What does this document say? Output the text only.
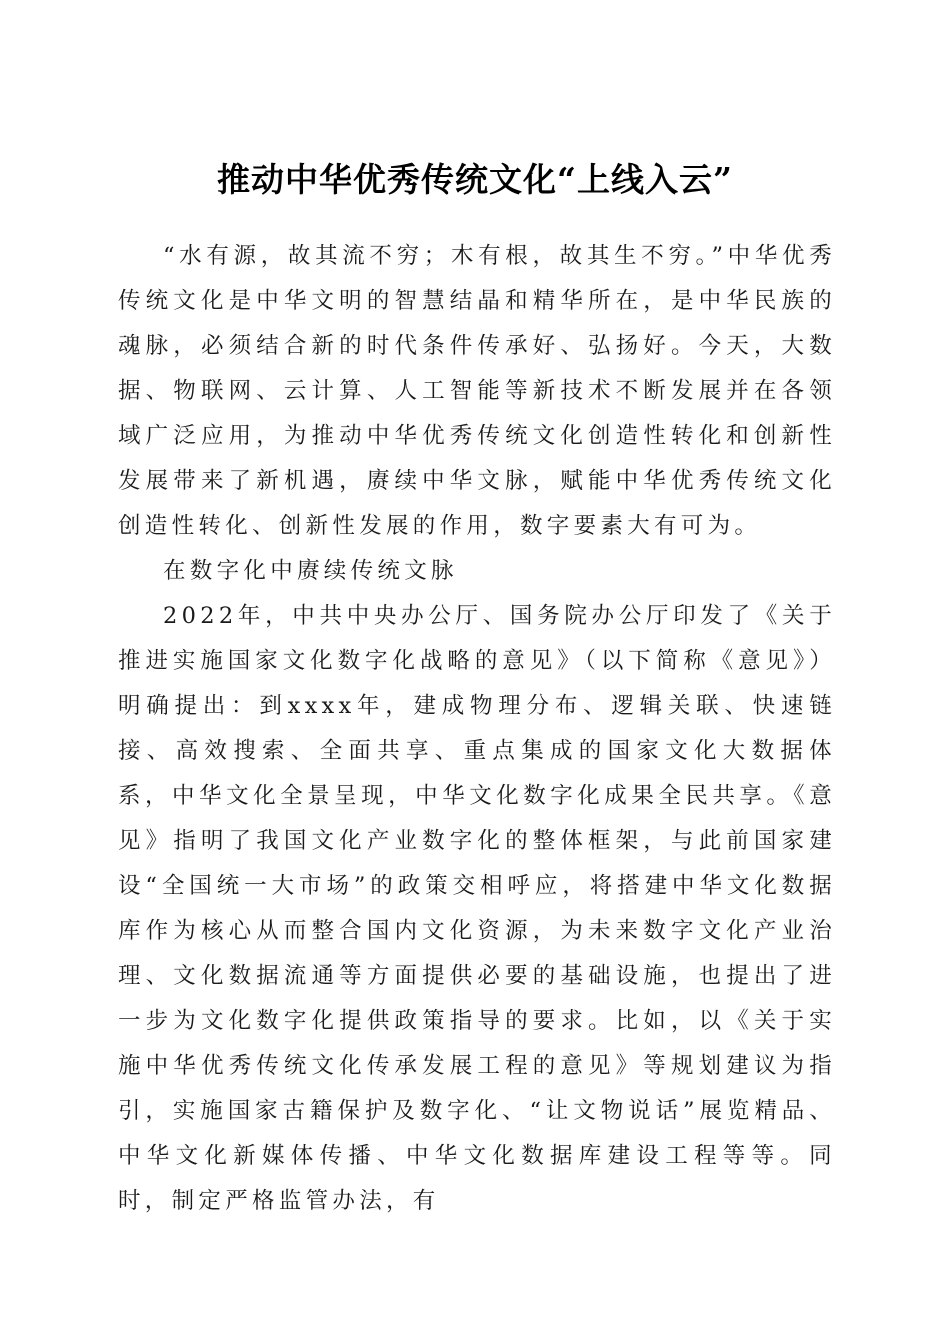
推动中华优秀传统文化“上线入云”

“水有源，故其流不穷；木有根，故其生不穷。”中华优秀传统文化是中华文明的智慧结晶和精华所在，是中华民族的魂脉，必须结合新的时代条件传承好、弘扬好。今天，大数据、物联网、云计算、人工智能等新技术不断发展并在各领域广泛应用，为推动中华优秀传统文化创造性转化和创新性发展带来了新机遇，赓续中华文脉，赋能中华优秀传统文化创造性转化、创新性发展的作用，数字要素大有可为。

在数字化中赓续传统文脉

2022年，中共中央办公厅、国务院办公厅印发了《关于推进实施国家文化数字化战略的意见》（以下简称《意见》）明确提出：到xxxx年，建成物理分布、逻辑关联、快速链接、高效搜索、全面共享、重点集成的国家文化大数据体系，中华文化全景呈现，中华文化数字化成果全民共享。《意见》指明了我国文化产业数字化的整体框架，与此前国家建设“全国统一大市场”的政策交相呼应，将搭建中华文化数据库作为核心从而整合国内文化资源，为未来数字文化产业治理、文化数据流通等方面提供必要的基础设施，也提出了进一步为文化数字化提供政策指导的要求。比如，以《关于实施中华优秀传统文化传承发展工程的意见》等规划建议为指引，实施国家古籍保护及数字化、“让文物说话”展览精品、中华文化新媒体传播、中华文化数据库建设工程等等。同时，制定严格监管办法，有
